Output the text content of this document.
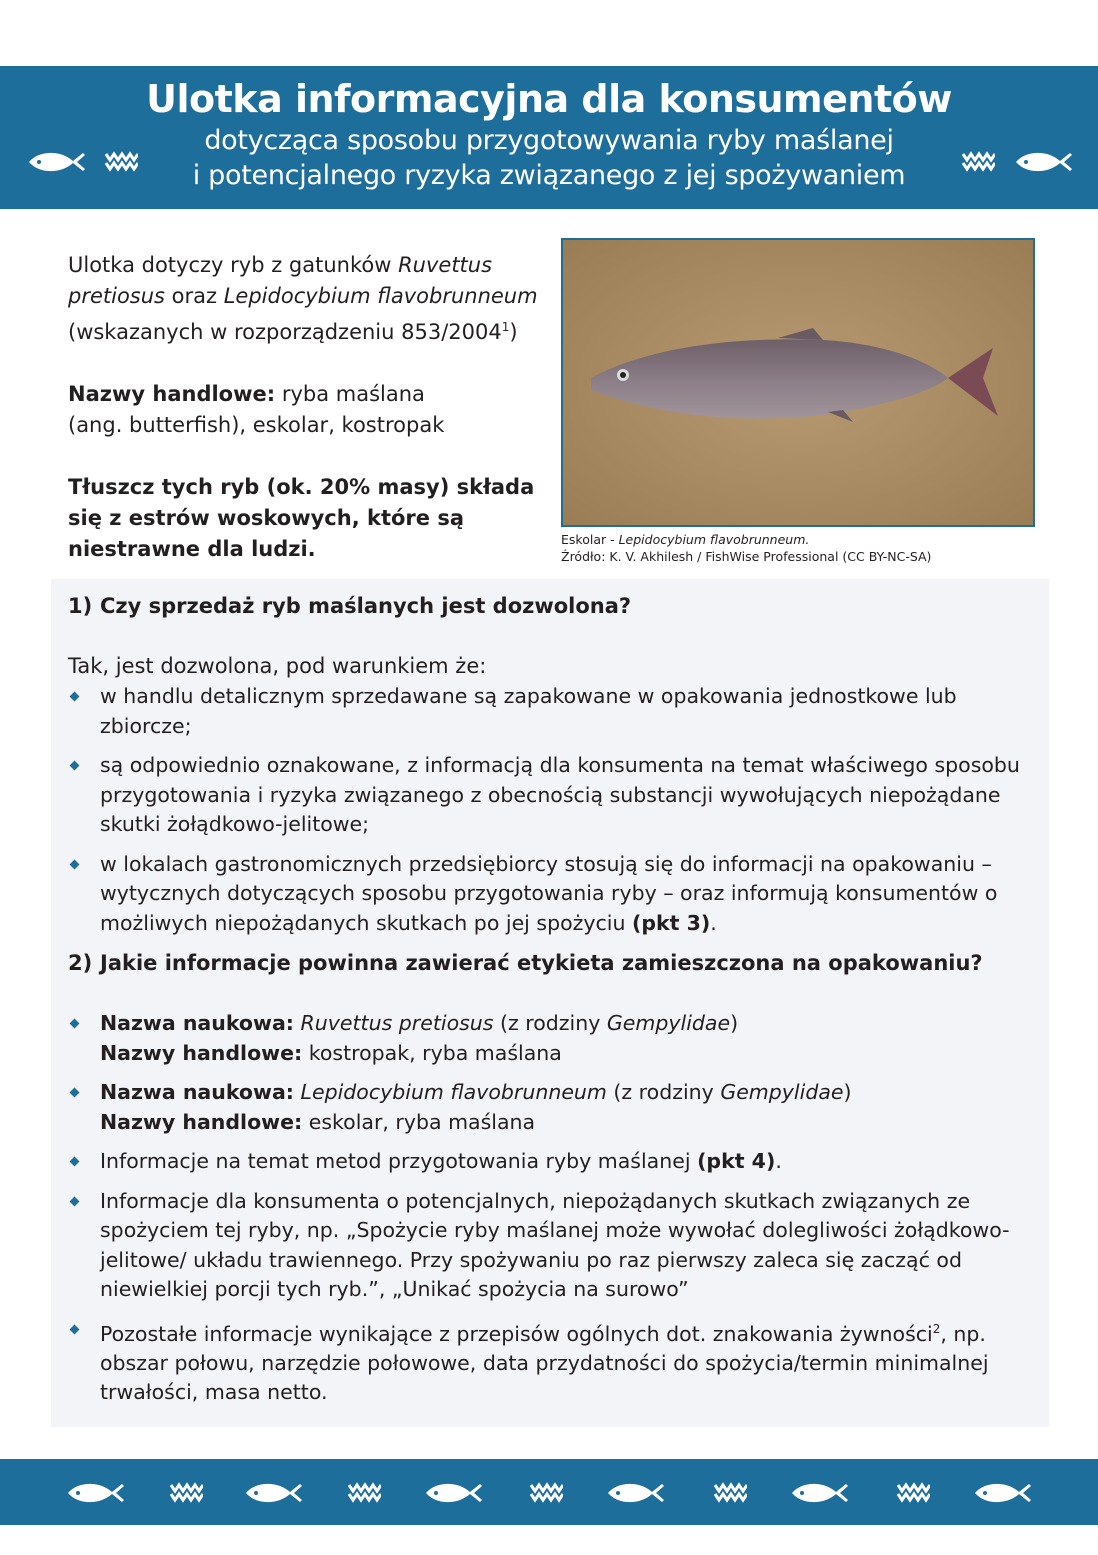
Ulotka informacyjna dla konsumentów
dotycząca sposobu przygotowywania ryby maślanej
i potencjalnego ryzyka związanego z jej spożywaniem

Ulotka dotyczy ryb z gatunków Ruvettus pretiosus oraz Lepidocybium flavobrunneum
(wskazanych w rozporządzeniu 853/2004$^1$)

Nazwy handlowe: ryba maślana
(ang. butterfish), eskolar, kostropak

Tłuszcz tych ryb (ok. 20% masy) składa się z estrów woskowych, które są niestrawne dla ludzi.	Eskolar - Lepidocybium flavobrunneum.
Źródło: K. V. Akhilesh / FishWise Professional (CC BY-NC-SA)
1) Czy sprzedaż ryb maślanych jest dozwolona?
Tak, jest dozwolona, pod warunkiem że:
w handlu detalicznym sprzedawane są zapakowane w opakowania jednostkowe lub zbiorcze;
są odpowiednio oznakowane, z informacją dla konsumenta na temat właściwego sposobu przygotowania i ryzyka związanego z obecnością substancji wywołujących niepożądane skutki żołądkowo-jelitowe;
w lokalach gastronomicznych przedsiębiorcy stosują się do informacji na opakowaniu – wytycznych dotyczących sposobu przygotowania ryby – oraz informują konsumentów o możliwych niepożądanych skutkach po jej spożyciu (pkt 3).
2) Jakie informacje powinna zawierać etykieta zamieszczona na opakowaniu?
Nazwa naukowa: Ruvettus pretiosus (z rodziny Gempylidae)
Nazwy handlowe: kostropak, ryba maślana
Nazwa naukowa: Lepidocybium flavobrunneum (z rodziny Gempylidae)
Nazwy handlowe: eskolar, ryba maślana
Informacje na temat metod przygotowania ryby maślanej (pkt 4).
Informacje dla konsumenta o potencjalnych, niepożądanych skutkach związanych ze spożyciem tej ryby, np. „Spożycie ryby maślanej może wywołać dolegliwości żołądkowo-jelitowe/ układu trawiennego. Przy spożywaniu po raz pierwszy zaleca się zacząć od niewielkiej porcji tych ryb.”, „Unikać spożycia na surowo”
Pozostałe informacje wynikające z przepisów ogólnych dot. znakowania żywności$^2$, np. obszar połowu, narzędzie połowowe, data przydatności do spożycia/termin minimalnej trwałości, masa netto.
